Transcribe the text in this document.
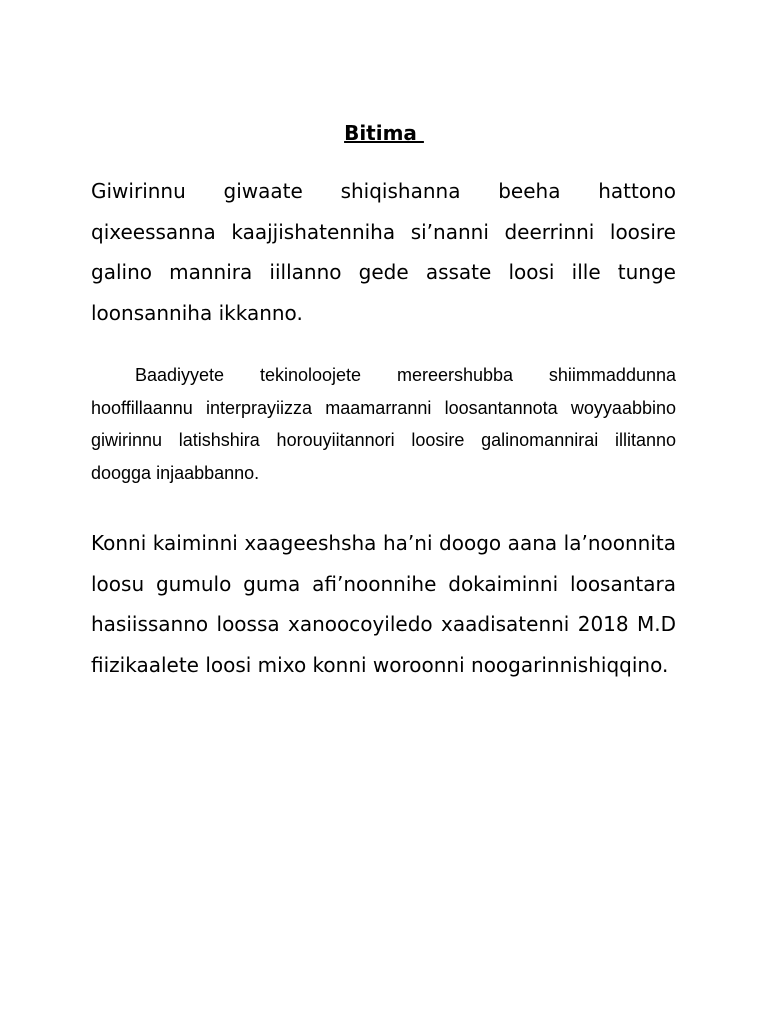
Bitima

Giwirinnu giwaate shiqishanna beeha hattono qixeessanna kaajjishatenniha si’nanni deerrinni loosire galino mannira iillanno gede assate loosi ille tunge loonsanniha ikkanno.

Baadiyyete tekinoloojete mereershubba shiimmaddunna hooffillaannu interprayiizza maamarranni loosantannota woyyaabbino giwirinnu latishshira horouyiitannori loosire galinomannirai illitanno doogga injaabbanno.

Konni kaiminni xaageeshsha ha’ni doogo aana la’noonnita loosu gumulo guma afi’noonnihe dokaiminni loosantara hasiissanno loossa xanoocoyiledo xaadisatenni 2018 M.D fiizikaalete loosi mixo konni woroonni noogarinnishiqqino.
